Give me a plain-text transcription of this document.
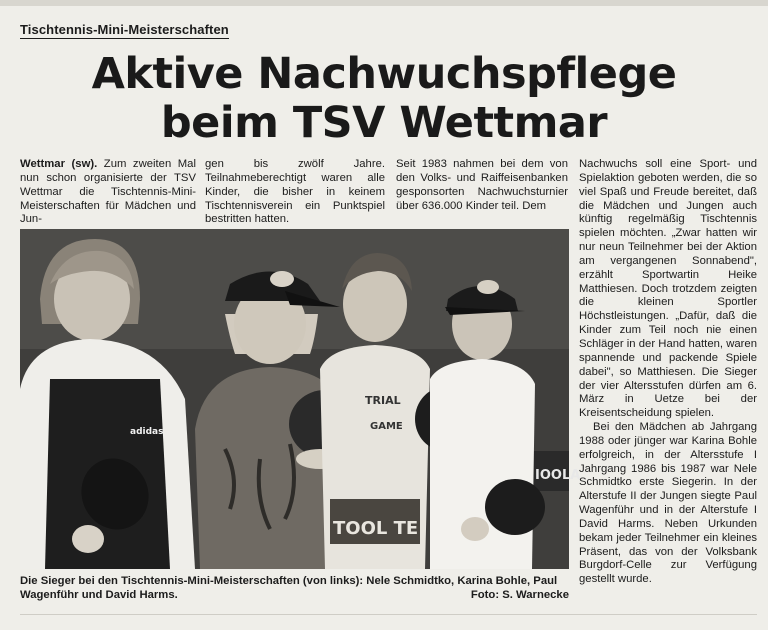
Tischtennis-Mini-Meisterschaften
Aktive Nachwuchspflege
beim TSV Wettmar
Wettmar (sw). Zum zweiten Mal nun schon organisierte der TSV Wettmar die Tischtennis-Mini-Meisterschaften für Mädchen und Jun-
gen bis zwölf Jahre. Teilnahmeberechtigt waren alle Kinder, die bisher in keinem Tischtennisverein ein Punktspiel bestritten hatten.
Seit 1983 nahmen bei dem von den Volks- und Raiffeisenbanken gesponsorten Nachwuchsturnier über 636.000 Kinder teil. Dem

Nachwuchs soll eine Sport- und Spielaktion geboten werden, die so viel Spaß und Freude bereitet, daß die Mädchen und Jungen auch künftig regelmäßig Tischtennis spielen möchten. „Zwar hatten wir nur neun Teilnehmer bei der Aktion am vergangenen Sonnabend", erzählt Sportwartin Heike Matthiesen. Doch trotzdem zeigten die kleinen Sportler Höchstleistungen. „Dafür, daß die Kinder zum Teil noch nie einen Schläger in der Hand hatten, waren spannende und packende Spiele dabei", so Matthiesen. Die Sieger der vier Altersstufen dürfen am 6. März in Uetze bei der Kreisentscheidung spielen.

Bei den Mädchen ab Jahrgang 1988 oder jünger war Karina Bohle erfolgreich, in der Altersstufe I Jahrgang 1986 bis 1987 war Nele Schmidtko erste Siegerin. In der Alterstufe II der Jungen siegte Paul Wagenführ und in der Alterstufe I David Harms. Neben Urkunden bekam jeder Teilnehmer ein kleines Präsent, das von der Volksbank Burgdorf-Celle zur Verfügung gestellt wurde.

IOOLA
adidas
TRIAL
GAME
TOOL TE
Die Sieger bei den Tischtennis-Mini-Meisterschaften (von links): Nele Schmidtko, Karina Bohle, Paul Wagenführ und David Harms.	Foto: S. Warnecke
